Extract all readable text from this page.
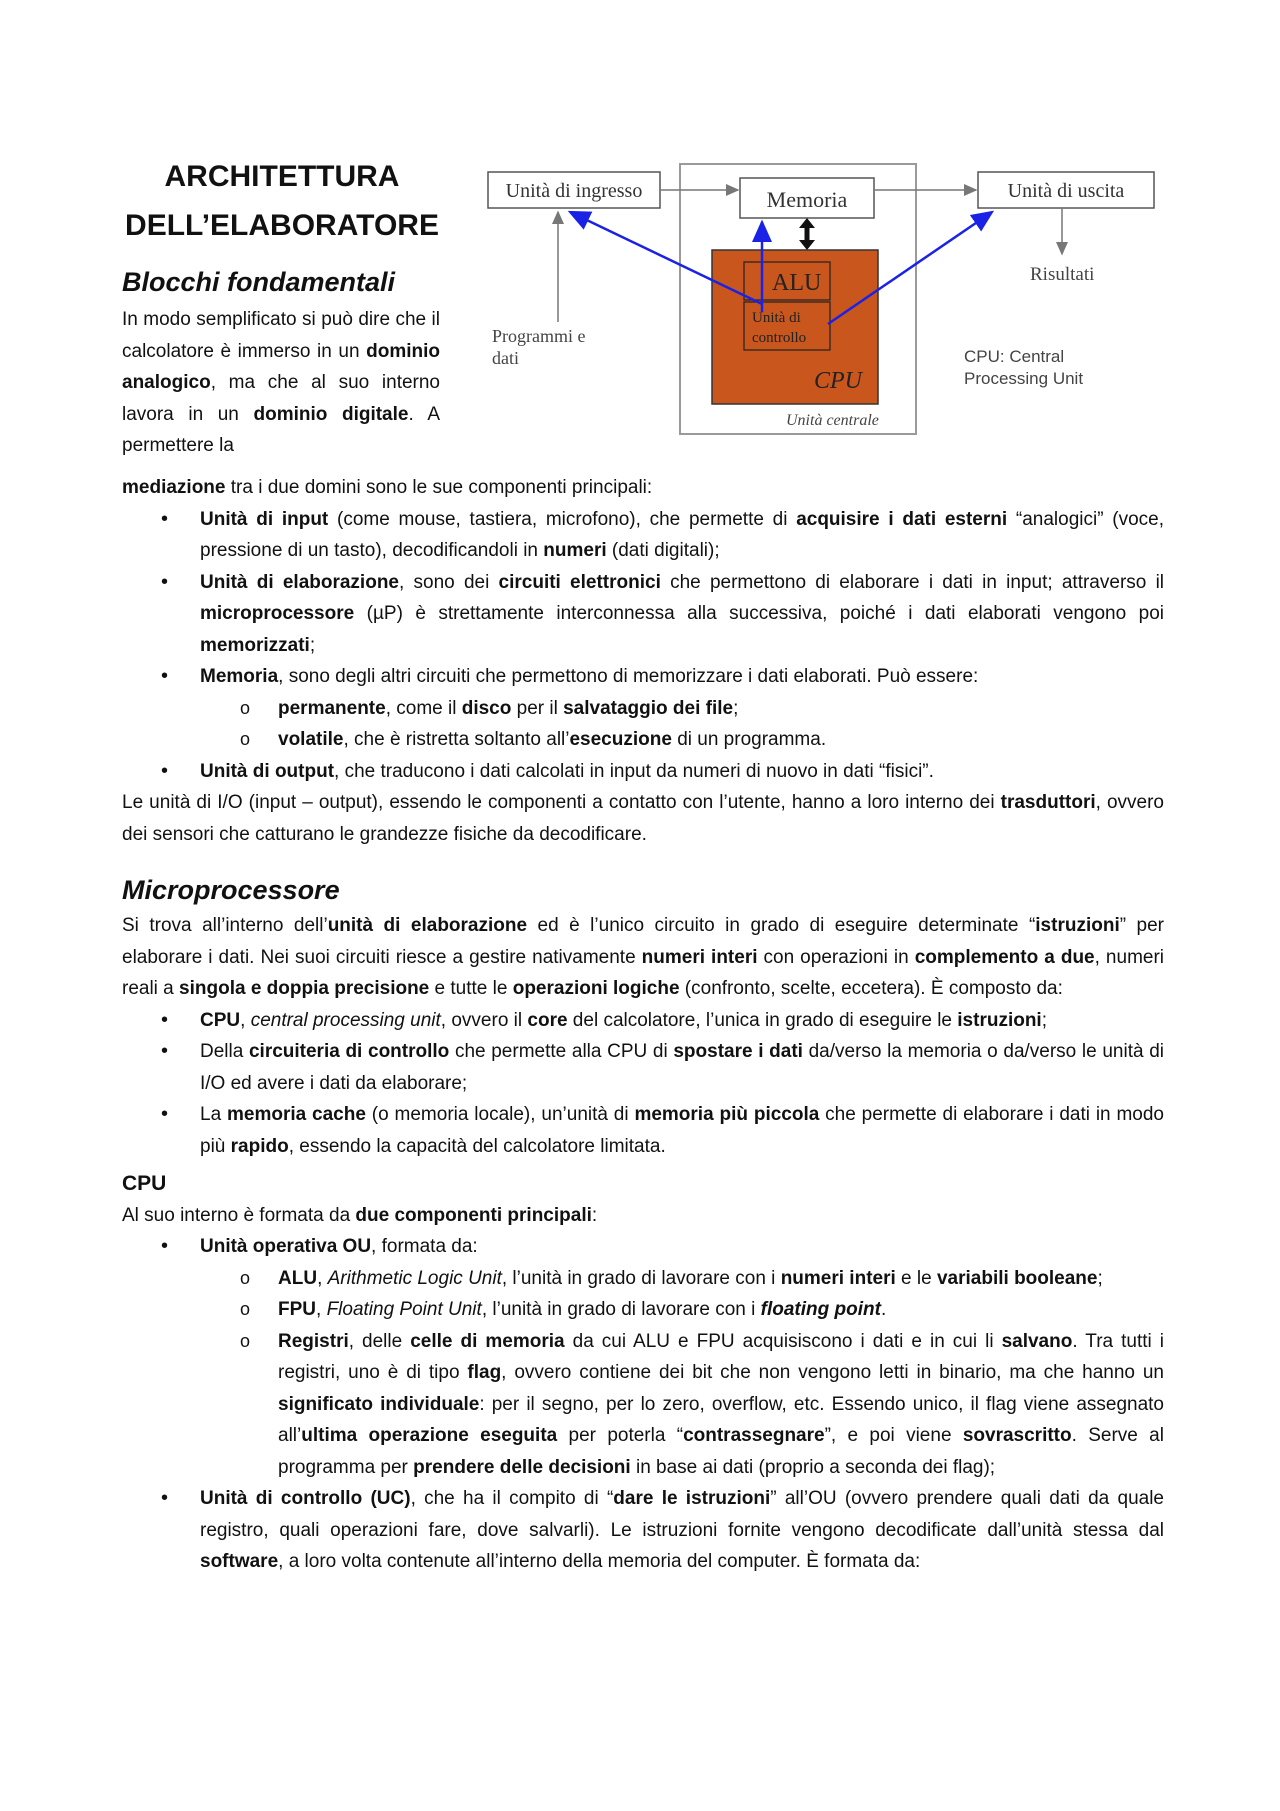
ARCHITETTURA
DELL’ELABORATORE
Blocchi fondamentali

In modo semplificato si può dire che il calcolatore è immerso in un dominio analogico, ma che al suo interno lavora in un dominio digitale. A permettere la

Unità di ingresso	Memoria	Unità di uscita
ALU
Unità di
controllo
CPU
Unità centrale
Risultati
Programmi e
dati	CPU: Central
Processing Unit

mediazione tra i due domini sono le sue componenti principali:

• Unità di input (come mouse, tastiera, microfono), che permette di acquisire i dati esterni “analogici” (voce, pressione di un tasto), decodificandoli in numeri (dati digitali);
• Unità di elaborazione, sono dei circuiti elettronici che permettono di elaborare i dati in input; attraverso il microprocessore (µP) è strettamente interconnessa alla successiva, poiché i dati elaborati vengono poi memorizzati;
• Memoria, sono degli altri circuiti che permettono di memorizzare i dati elaborati. Può essere:
o permanente, come il disco per il salvataggio dei file;
o volatile, che è ristretta soltanto all’esecuzione di un programma.
• Unità di output, che traducono i dati calcolati in input da numeri di nuovo in dati “fisici”.

Le unità di I/O (input – output), essendo le componenti a contatto con l’utente, hanno a loro interno dei trasduttori, ovvero dei sensori che catturano le grandezze fisiche da decodificare.

Microprocessore

Si trova all’interno dell’unità di elaborazione ed è l’unico circuito in grado di eseguire determinate “istruzioni” per elaborare i dati. Nei suoi circuiti riesce a gestire nativamente numeri interi con operazioni in complemento a due, numeri reali a singola e doppia precisione e tutte le operazioni logiche (confronto, scelte, eccetera). È composto da:

• CPU, central processing unit, ovvero il core del calcolatore, l’unica in grado di eseguire le istruzioni;
• Della circuiteria di controllo che permette alla CPU di spostare i dati da/verso la memoria o da/verso le unità di I/O ed avere i dati da elaborare;
• La memoria cache (o memoria locale), un’unità di memoria più piccola che permette di elaborare i dati in modo più rapido, essendo la capacità del calcolatore limitata.
CPU

Al suo interno è formata da due componenti principali:

• Unità operativa OU, formata da:
o ALU, Arithmetic Logic Unit, l’unità in grado di lavorare con i numeri interi e le variabili booleane;
o FPU, Floating Point Unit, l’unità in grado di lavorare con i floating point.
o Registri, delle celle di memoria da cui ALU e FPU acquisiscono i dati e in cui li salvano. Tra tutti i registri, uno è di tipo flag, ovvero contiene dei bit che non vengono letti in binario, ma che hanno un significato individuale: per il segno, per lo zero, overflow, etc. Essendo unico, il flag viene assegnato all’ultima operazione eseguita per poterla “contrassegnare”, e poi viene sovrascritto. Serve al programma per prendere delle decisioni in base ai dati (proprio a seconda dei flag);
• Unità di controllo (UC), che ha il compito di “dare le istruzioni” all’OU (ovvero prendere quali dati da quale registro, quali operazioni fare, dove salvarli). Le istruzioni fornite vengono decodificate dall’unità stessa dal software, a loro volta contenute all’interno della memoria del computer. È formata da:
